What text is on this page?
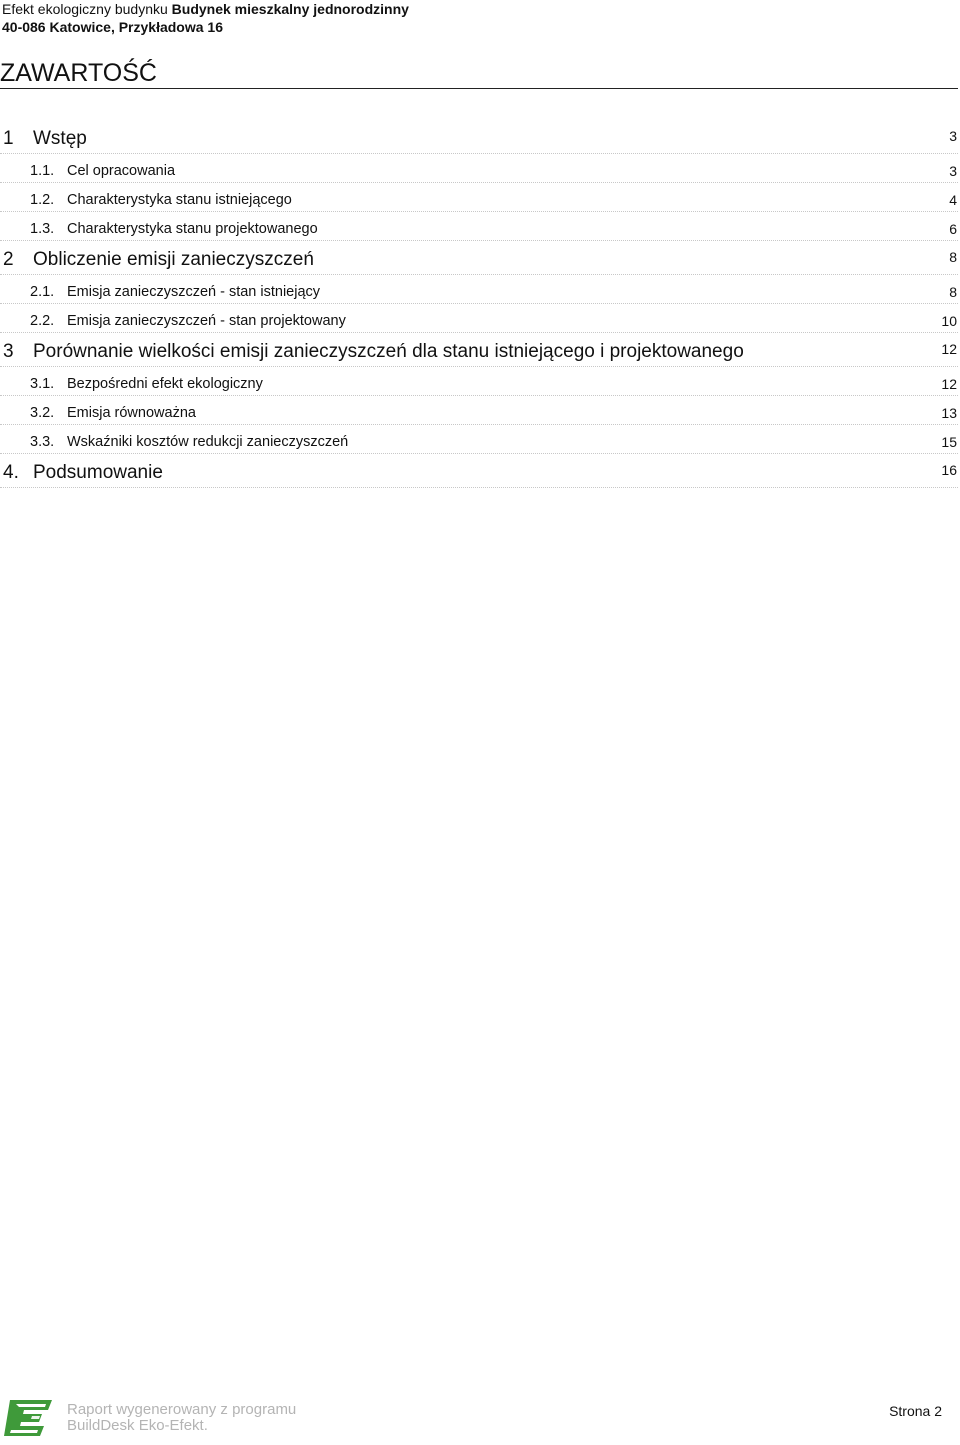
Efekt ekologiczny budynku Budynek mieszkalny jednorodzinny
40-086 Katowice, Przykładowa 16
ZAWARTOŚĆ
1	Wstęp	3
1.1. Cel opracowania	3
1.2. Charakterystyka stanu istniejącego	4
1.3. Charakterystyka stanu projektowanego	6
2	Obliczenie emisji zanieczyszczeń	8
2.1. Emisja zanieczyszczeń - stan istniejący	8
2.2. Emisja zanieczyszczeń - stan projektowany	10
3	Porównanie wielkości emisji zanieczyszczeń dla stanu istniejącego i projektowanego	12
3.1. Bezpośredni efekt ekologiczny	12
3.2. Emisja równoważna	13
3.3. Wskaźniki kosztów redukcji zanieczyszczeń	15
4. Podsumowanie	16
Raport wygenerowany z programu
BuildDesk Eko-Efekt.
Strona 2
